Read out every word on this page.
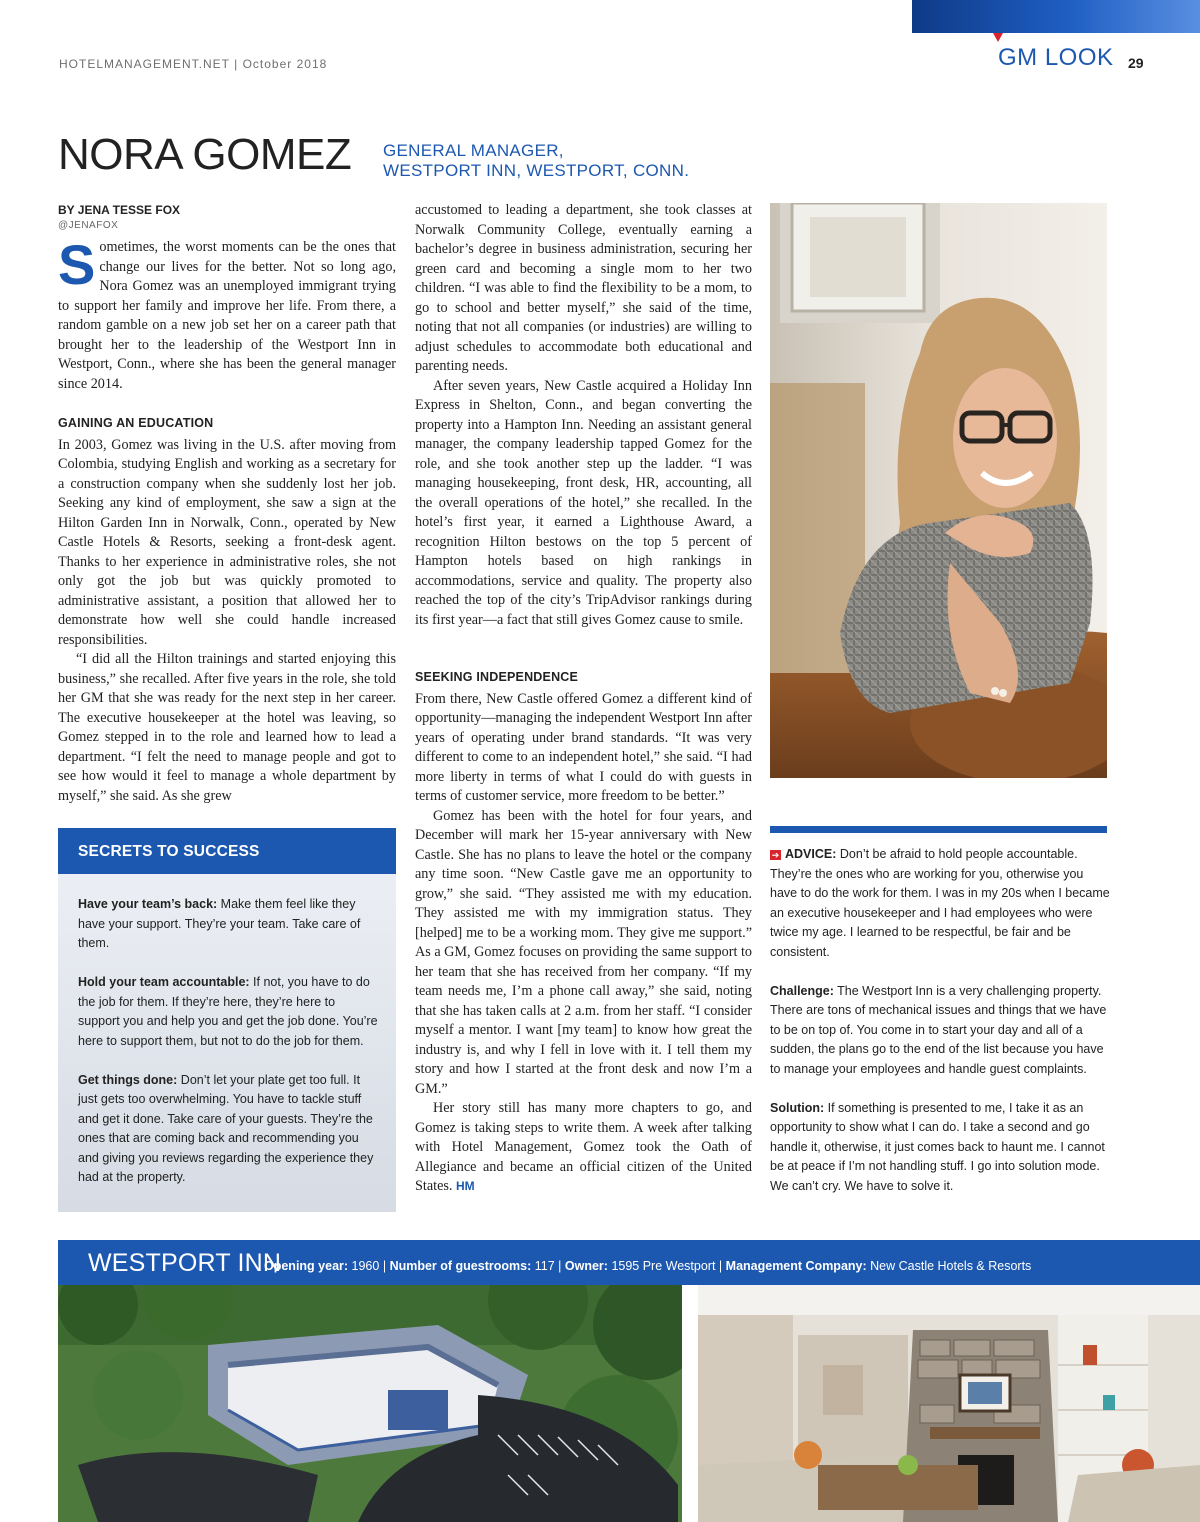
HOTELMANAGEMENT.NET | October 2018	GM LOOK 29
NORA GOMEZ GENERAL MANAGER,
WESTPORT INN, WESTPORT, CONN.
BY JENA TESSE FOX
@JENAFOX

Sometimes, the worst moments can be the ones that change our lives for the better. Not so long ago, Nora Gomez was an unemployed immigrant trying to support her family and improve her life. From there, a random gamble on a new job set her on a career path that brought her to the leadership of the Westport Inn in Westport, Conn., where she has been the general manager since 2014.

GAINING AN EDUCATION

In 2003, Gomez was living in the U.S. after moving from Colombia, studying English and working as a secretary for a construction company when she suddenly lost her job. Seeking any kind of employment, she saw a sign at the Hilton Garden Inn in Norwalk, Conn., operated by New Castle Hotels & Resorts, seeking a front-desk agent. Thanks to her experience in administrative roles, she not only got the job but was quickly promoted to administrative assistant, a position that allowed her to demonstrate how well she could handle increased responsibilities.

“I did all the Hilton trainings and started enjoying this business,” she recalled. After five years in the role, she told her GM that she was ready for the next step in her career. The executive housekeeper at the hotel was leaving, so Gomez stepped in to the role and learned how to lead a department. “I felt the need to manage people and got to see how would it feel to manage a whole department by myself,” she said. As she grew

accustomed to leading a department, she took classes at Norwalk Community College, eventually earning a bachelor’s degree in business administration, securing her green card and becoming a single mom to her two children. “I was able to find the flexibility to be a mom, to go to school and better myself,” she said of the time, noting that not all companies (or industries) are willing to adjust schedules to accommodate both educational and parenting needs.

After seven years, New Castle acquired a Holiday Inn Express in Shelton, Conn., and began converting the property into a Hampton Inn. Needing an assistant general manager, the company leadership tapped Gomez for the role, and she took another step up the ladder. “I was managing housekeeping, front desk, HR, accounting, all the overall operations of the hotel,” she recalled. In the hotel’s first year, it earned a Lighthouse Award, a recognition Hilton bestows on the top 5 percent of Hampton hotels based on high rankings in accommodations, service and quality. The property also reached the top of the city’s TripAdvisor rankings during its first year—a fact that still gives Gomez cause to smile.

SEEKING INDEPENDENCE

From there, New Castle offered Gomez a different kind of opportunity—managing the independent Westport Inn after years of operating under brand standards. “It was very different to come to an independent hotel,” she said. “I had more liberty in terms of what I could do with guests in terms of customer service, more freedom to be better.”

Gomez has been with the hotel for four years, and December will mark her 15-year anniversary with New Castle. She has no plans to leave the hotel or the company any time soon. “New Castle gave me an opportunity to grow,” she said. “They assisted me with my education. They assisted me with my immigration status. They [helped] me to be a working mom. They give me support.” As a GM, Gomez focuses on providing the same support to her team that she has received from her company. “If my team needs me, I’m a phone call away,” she said, noting that she has taken calls at 2 a.m. from her staff. “I consider myself a mentor. I want [my team] to know how great the industry is, and why I fell in love with it. I tell them my story and how I started at the front desk and now I’m a GM.”

Her story still has many more chapters to go, and Gomez is taking steps to write them. A week after talking with Hotel Management, Gomez took the Oath of Allegiance and became an official citizen of the United States. HM

SECRETS TO SUCCESS
Have your team’s back: Make them feel like they have your support. They’re your team. Take care of them.
Hold your team accountable: If not, you have to do the job for them. If they’re here, they’re here to support you and help you and get the job done. You’re here to support them, but not to do the job for them.
Get things done: Don’t let your plate get too full. It just gets too overwhelming. You have to tackle stuff and get it done. Take care of your guests. They’re the ones that are coming back and recommending you and giving you reviews regarding the experience they had at the property.
➔ ADVICE: Don’t be afraid to hold people accountable. They’re the ones who are working for you, otherwise you have to do the work for them. I was in my 20s when I became an executive housekeeper and I had employees who were twice my age. I learned to be respectful, be fair and be consistent.
Challenge: The Westport Inn is a very challenging property. There are tons of mechanical issues and things that we have to be on top of. You come in to start your day and all of a sudden, the plans go to the end of the list because you have to manage your employees and handle guest complaints.
Solution: If something is presented to me, I take it as an opportunity to show what I can do. I take a second and go handle it, otherwise, it just comes back to haunt me. I cannot be at peace if I’m not handling stuff. I go into solution mode. We can’t cry. We have to solve it.
WESTPORT INN
Opening year: 1960 | Number of guestrooms: 117 | Owner: 1595 Pre Westport | Management Company: New Castle Hotels & Resorts
